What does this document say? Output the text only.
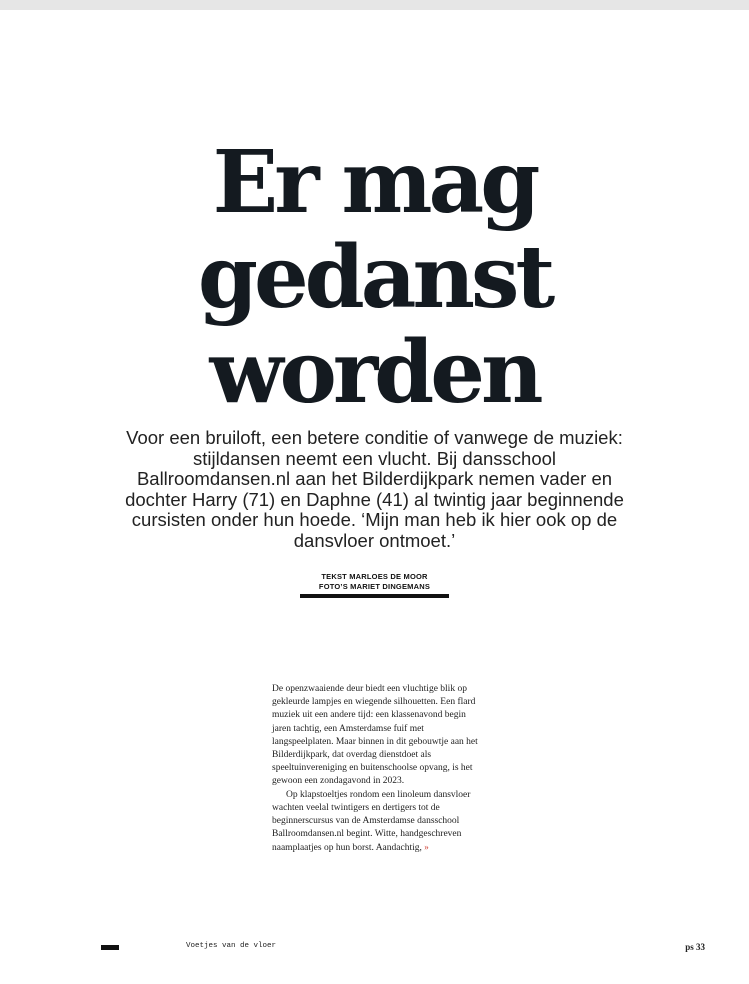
Er mag
gedanst
worden

Voor een bruiloft, een betere conditie of vanwege de muziek: stijldansen neemt een vlucht. Bij dansschool Ballroomdansen.nl aan het Bilderdijkpark nemen vader en dochter Harry (71) en Daphne (41) al twintig jaar beginnende cursisten onder hun hoede. ‘Mijn man heb ik hier ook op de dansvloer ontmoet.’

TEKST MARLOES DE MOOR
FOTO’S MARIET DINGEMANS

De openzwaaiende deur biedt een vluchtige blik op gekleurde lampjes en wiegende silhouetten. Een flard muziek uit een andere tijd: een klassenavond begin jaren tachtig, een Amsterdamse fuif met langspeelplaten. Maar binnen in dit gebouwtje aan het Bilderdijkpark, dat overdag dienstdoet als speeltuinvereniging en buitenschoolse opvang, is het gewoon een zondagavond in 2023.

Op klapstoeltjes rondom een linoleum dansvloer wachten veelal twintigers en dertigers tot de beginnerscursus van de Amsterdamse dansschool Ballroomdansen.nl begint. Witte, handgeschreven naamplaatjes op hun borst. Aandachtig, »

Voetjes van de vloer	ps 33
